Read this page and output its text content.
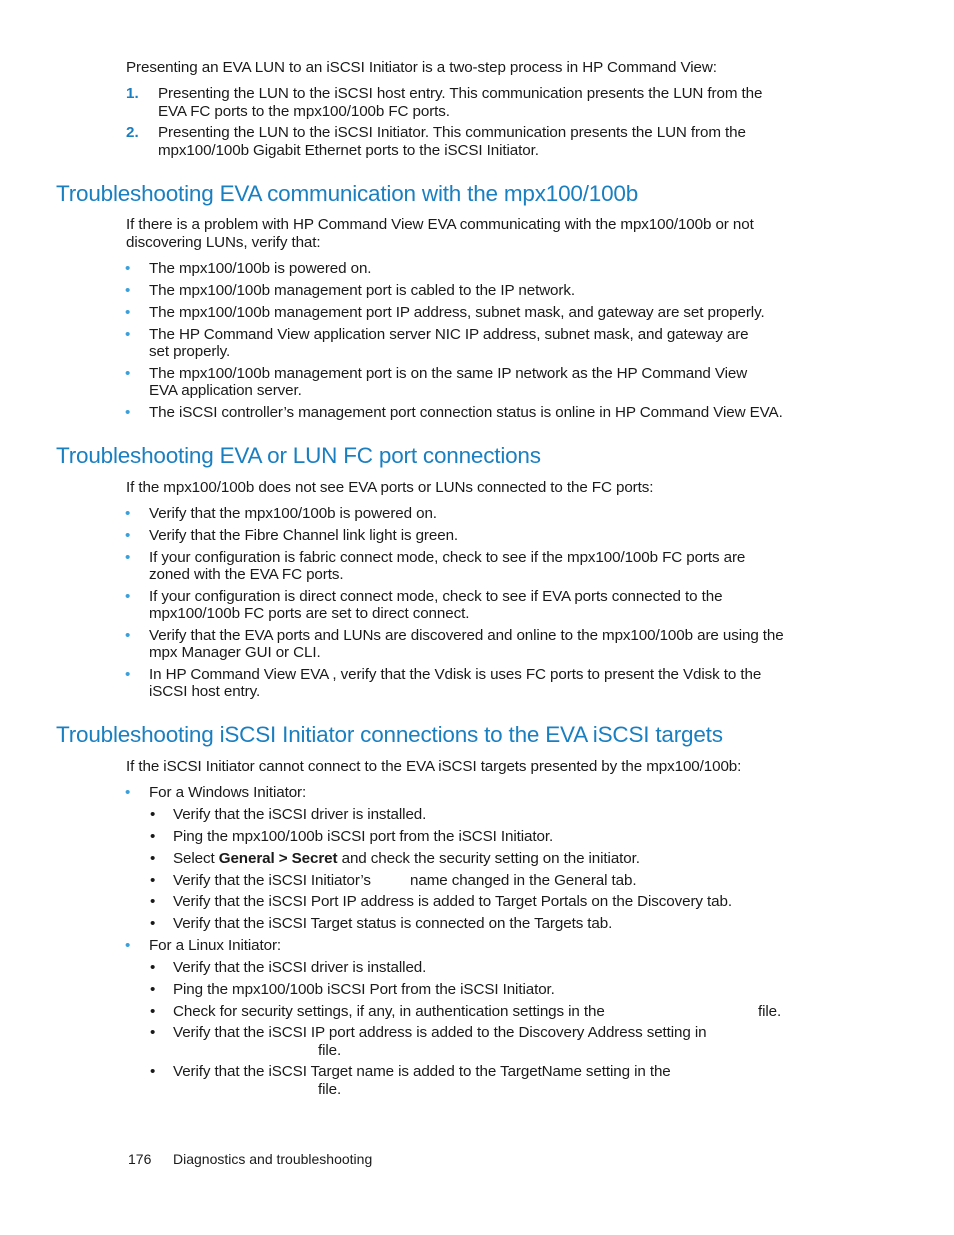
Presenting an EVA LUN to an iSCSI Initiator is a two-step process in HP Command View:
1. Presenting the LUN to the iSCSI host entry. This communication presents the LUN from the
EVA FC ports to the mpx100/100b FC ports.
2. Presenting the LUN to the iSCSI Initiator. This communication presents the LUN from the
mpx100/100b Gigabit Ethernet ports to the iSCSI Initiator.
Troubleshooting EVA communication with the mpx100/100b
If there is a problem with HP Command View EVA communicating with the mpx100/100b or not
discovering LUNs, verify that:
• The mpx100/100b is powered on.
• The mpx100/100b management port is cabled to the IP network.
• The mpx100/100b management port IP address, subnet mask, and gateway are set properly.
• The HP Command View application server NIC IP address, subnet mask, and gateway are
set properly.
• The mpx100/100b management port is on the same IP network as the HP Command View
EVA application server.
• The iSCSI controller’s management port connection status is online in HP Command View EVA.
Troubleshooting EVA or LUN FC port connections
If the mpx100/100b does not see EVA ports or LUNs connected to the FC ports:
• Verify that the mpx100/100b is powered on.
• Verify that the Fibre Channel link light is green.
• If your configuration is fabric connect mode, check to see if the mpx100/100b FC ports are
zoned with the EVA FC ports.
• If your configuration is direct connect mode, check to see if EVA ports connected to the
mpx100/100b FC ports are set to direct connect.
• Verify that the EVA ports and LUNs are discovered and online to the mpx100/100b are using the
mpx Manager GUI or CLI.
• In HP Command View EVA , verify that the Vdisk is uses FC ports to present the Vdisk to the
iSCSI host entry.
Troubleshooting iSCSI Initiator connections to the EVA iSCSI targets
If the iSCSI Initiator cannot connect to the EVA iSCSI targets presented by the mpx100/100b:
• For a Windows Initiator:
• Verify that the iSCSI driver is installed.
• Ping the mpx100/100b iSCSI port from the iSCSI Initiator.
• Select General > Secret and check the security setting on the initiator.
• Verify that the iSCSI Initiator’s	name changed in the General tab.
• Verify that the iSCSI Port IP address is added to Target Portals on the Discovery tab.
• Verify that the iSCSI Target status is connected on the Targets tab.
• For a Linux Initiator:
• Verify that the iSCSI driver is installed.
• Ping the mpx100/100b iSCSI Port from the iSCSI Initiator.
• Check for security settings, if any, in authentication settings in the	file.
• Verify that the iSCSI IP port address is added to the Discovery Address setting in
file.
• Verify that the iSCSI Target name is added to the TargetName setting in the
file.
176 Diagnostics and troubleshooting
